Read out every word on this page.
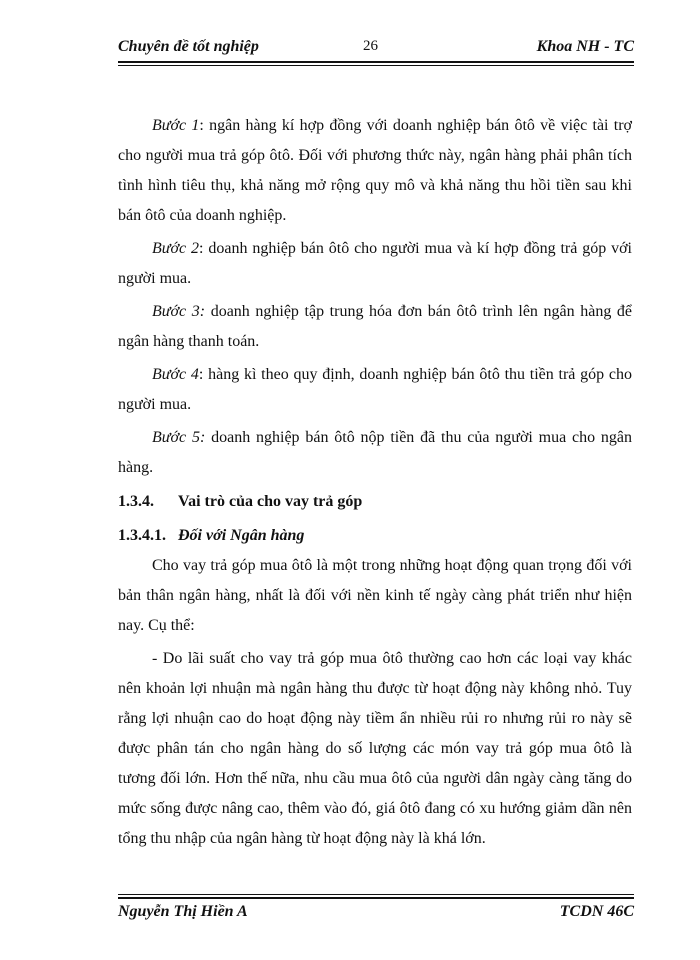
Chuyên đề tốt nghiệp	26	Khoa NH - TC

Bước 1: ngân hàng kí hợp đồng với doanh nghiệp bán ôtô về việc tài trợ cho người mua trả góp ôtô. Đối với phương thức này, ngân hàng phải phân tích tình hình tiêu thụ, khả năng mở rộng quy mô và khả năng thu hồi tiền sau khi bán ôtô của doanh nghiệp.

Bước 2: doanh nghiệp bán ôtô cho người mua và kí hợp đồng trả góp với người mua.

Bước 3: doanh nghiệp tập trung hóa đơn bán ôtô trình lên ngân hàng để ngân hàng thanh toán.

Bước 4: hàng kì theo quy định, doanh nghiệp bán ôtô thu tiền trả góp cho người mua.

Bước 5: doanh nghiệp bán ôtô nộp tiền đã thu của người mua cho ngân hàng.

1.3.4. Vai trò của cho vay trả góp
1.3.4.1. Đối với Ngân hàng

Cho vay trả góp mua ôtô là một trong những hoạt động quan trọng đối với bản thân ngân hàng, nhất là đối với nền kinh tế ngày càng phát triển như hiện nay. Cụ thể:

- Do lãi suất cho vay trả góp mua ôtô thường cao hơn các loại vay khác nên khoản lợi nhuận mà ngân hàng thu được từ hoạt động này không nhỏ. Tuy rằng lợi nhuận cao do hoạt động này tiềm ẩn nhiều rủi ro nhưng rủi ro này sẽ được phân tán cho ngân hàng do số lượng các món vay trả góp mua ôtô là tương đối lớn. Hơn thế nữa, nhu cầu mua ôtô của người dân ngày càng tăng do mức sống được nâng cao, thêm vào đó, giá ôtô đang có xu hướng giảm dần nên tổng thu nhập của ngân hàng từ hoạt động này là khá lớn.

Nguyễn Thị Hiền A	TCDN 46C
